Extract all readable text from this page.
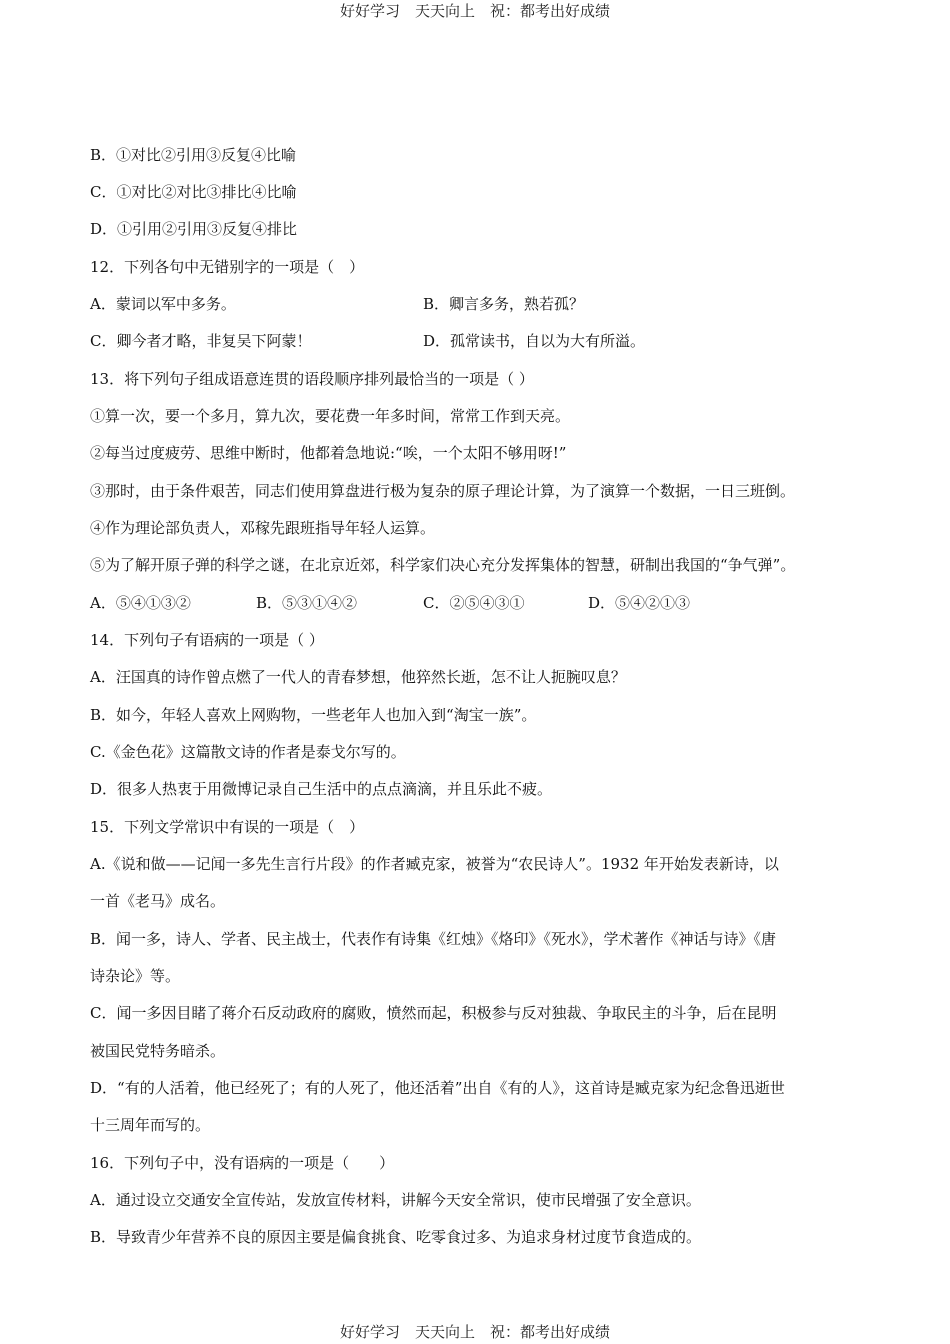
好好学习　天天向上　祝：都考出好成绩
B．①对比②引用③反复④比喻
C．①对比②对比③排比④比喻
D．①引用②引用③反复④排比
12．下列各句中无错别字的一项是（　）
A．蒙词以军中多务。	B．卿言多务，熟若孤？
C．卿今者才略，非复吴下阿蒙！	D．孤常读书，自以为大有所溢。
13．将下列句子组成语意连贯的语段顺序排列最恰当的一项是（ ）
①算一次，要一个多月，算九次，要花费一年多时间，常常工作到天亮。
②每当过度疲劳、思维中断时，他都着急地说:“唉，一个太阳不够用呀!”
③那时，由于条件艰苦，同志们使用算盘进行极为复杂的原子理论计算，为了演算一个数据，一日三班倒。
④作为理论部负责人，邓稼先跟班指导年轻人运算。
⑤为了解开原子弹的科学之谜，在北京近郊，科学家们决心充分发挥集体的智慧，研制出我国的“争气弹”。
A．⑤④①③②	B．⑤③①④②	C．②⑤④③①	D．⑤④②①③
14．下列句子有语病的一项是（ ）
A．汪国真的诗作曾点燃了一代人的青春梦想，他猝然长逝，怎不让人扼腕叹息？
B．如今，年轻人喜欢上网购物，一些老年人也加入到“淘宝一族”。
C.《金色花》这篇散文诗的作者是泰戈尔写的。
D．很多人热衷于用微博记录自己生活中的点点滴滴，并且乐此不疲。
15．下列文学常识中有误的一项是（　）
A.《说和做——记闻一多先生言行片段》的作者臧克家，被誉为“农民诗人”。1932 年开始发表新诗，以
一首《老马》成名。
B．闻一多，诗人、学者、民主战士，代表作有诗集《红烛》《烙印》《死水》，学术著作《神话与诗》《唐
诗杂论》等。
C．闻一多因目睹了蒋介石反动政府的腐败，愤然而起，积极参与反对独裁、争取民主的斗争，后在昆明
被国民党特务暗杀。
D．“有的人活着，他已经死了；有的人死了，他还活着”出自《有的人》，这首诗是臧克家为纪念鲁迅逝世
十三周年而写的。
16．下列句子中，没有语病的一项是（　　）
A．通过设立交通安全宣传站，发放宣传材料，讲解今天安全常识，使市民增强了安全意识。
B．导致青少年营养不良的原因主要是偏食挑食、吃零食过多、为追求身材过度节食造成的。
好好学习　天天向上　祝：都考出好成绩
